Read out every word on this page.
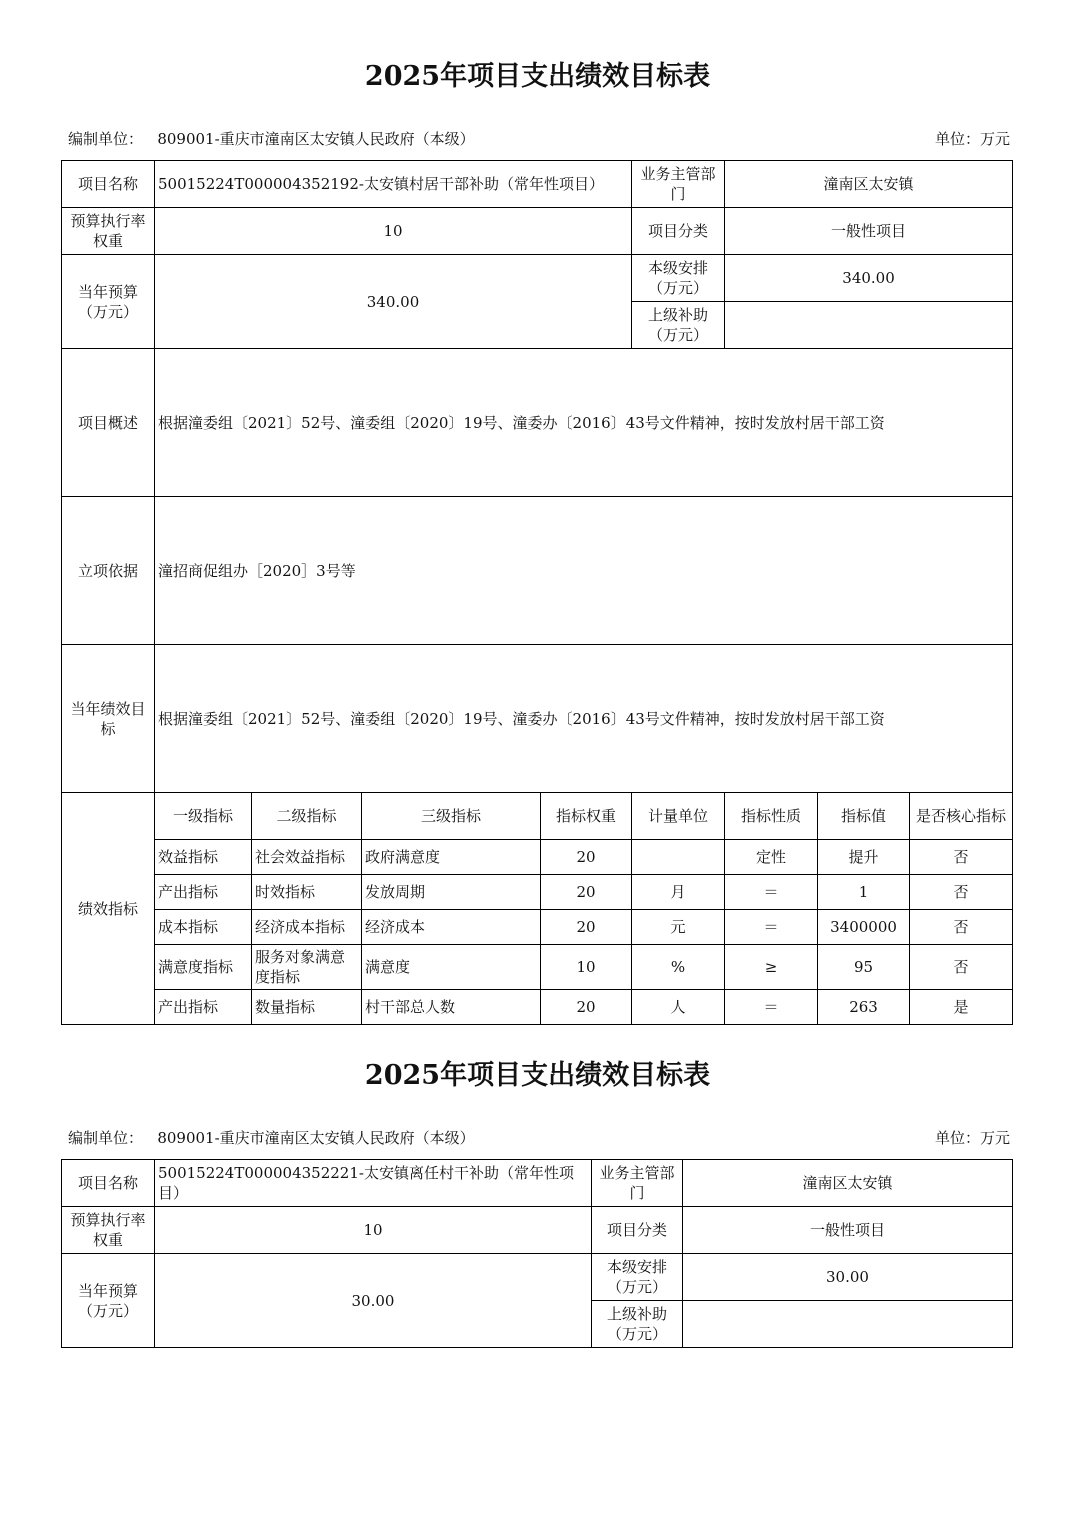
2025年项目支出绩效目标表
编制单位： 809001-重庆市潼南区太安镇人民政府（本级）	单位：万元
项目名称	50015224T000004352192-太安镇村居干部补助（常年性项目）				业务主管部门	潼南区太安镇		
预算执行率权重	10				项目分类	一般性项目		
当年预算（万元）	340.00				本级安排（万元）	340.00		
					上级补助（万元）			
项目概述	根据潼委组〔2021〕52号、潼委组〔2020〕19号、潼委办〔2016〕43号文件精神，按时发放村居干部工资							
立项依据	潼招商促组办［2020］3号等							
当年绩效目标	根据潼委组〔2021〕52号、潼委组〔2020〕19号、潼委办〔2016〕43号文件精神，按时发放村居干部工资							
绩效指标	一级指标	二级指标	三级指标	指标权重	计量单位	指标性质	指标值	是否核心指标
	效益指标	社会效益指标	政府满意度	20		定性	提升	否
	产出指标	时效指标	发放周期	20	月	＝	1	否
	成本指标	经济成本指标	经济成本	20	元	＝	3400000	否
	满意度指标	服务对象满意度指标	满意度	10	%	≥	95	否
	产出指标	数量指标	村干部总人数	20	人	＝	263	是
2025年项目支出绩效目标表
编制单位： 809001-重庆市潼南区太安镇人民政府（本级）	单位：万元
项目名称	50015224T000004352221-太安镇离任村干补助（常年性项目）	业务主管部门	潼南区太安镇
预算执行率权重	10	项目分类	一般性项目
当年预算（万元）	30.00	本级安排（万元）	30.00
		上级补助（万元）	
